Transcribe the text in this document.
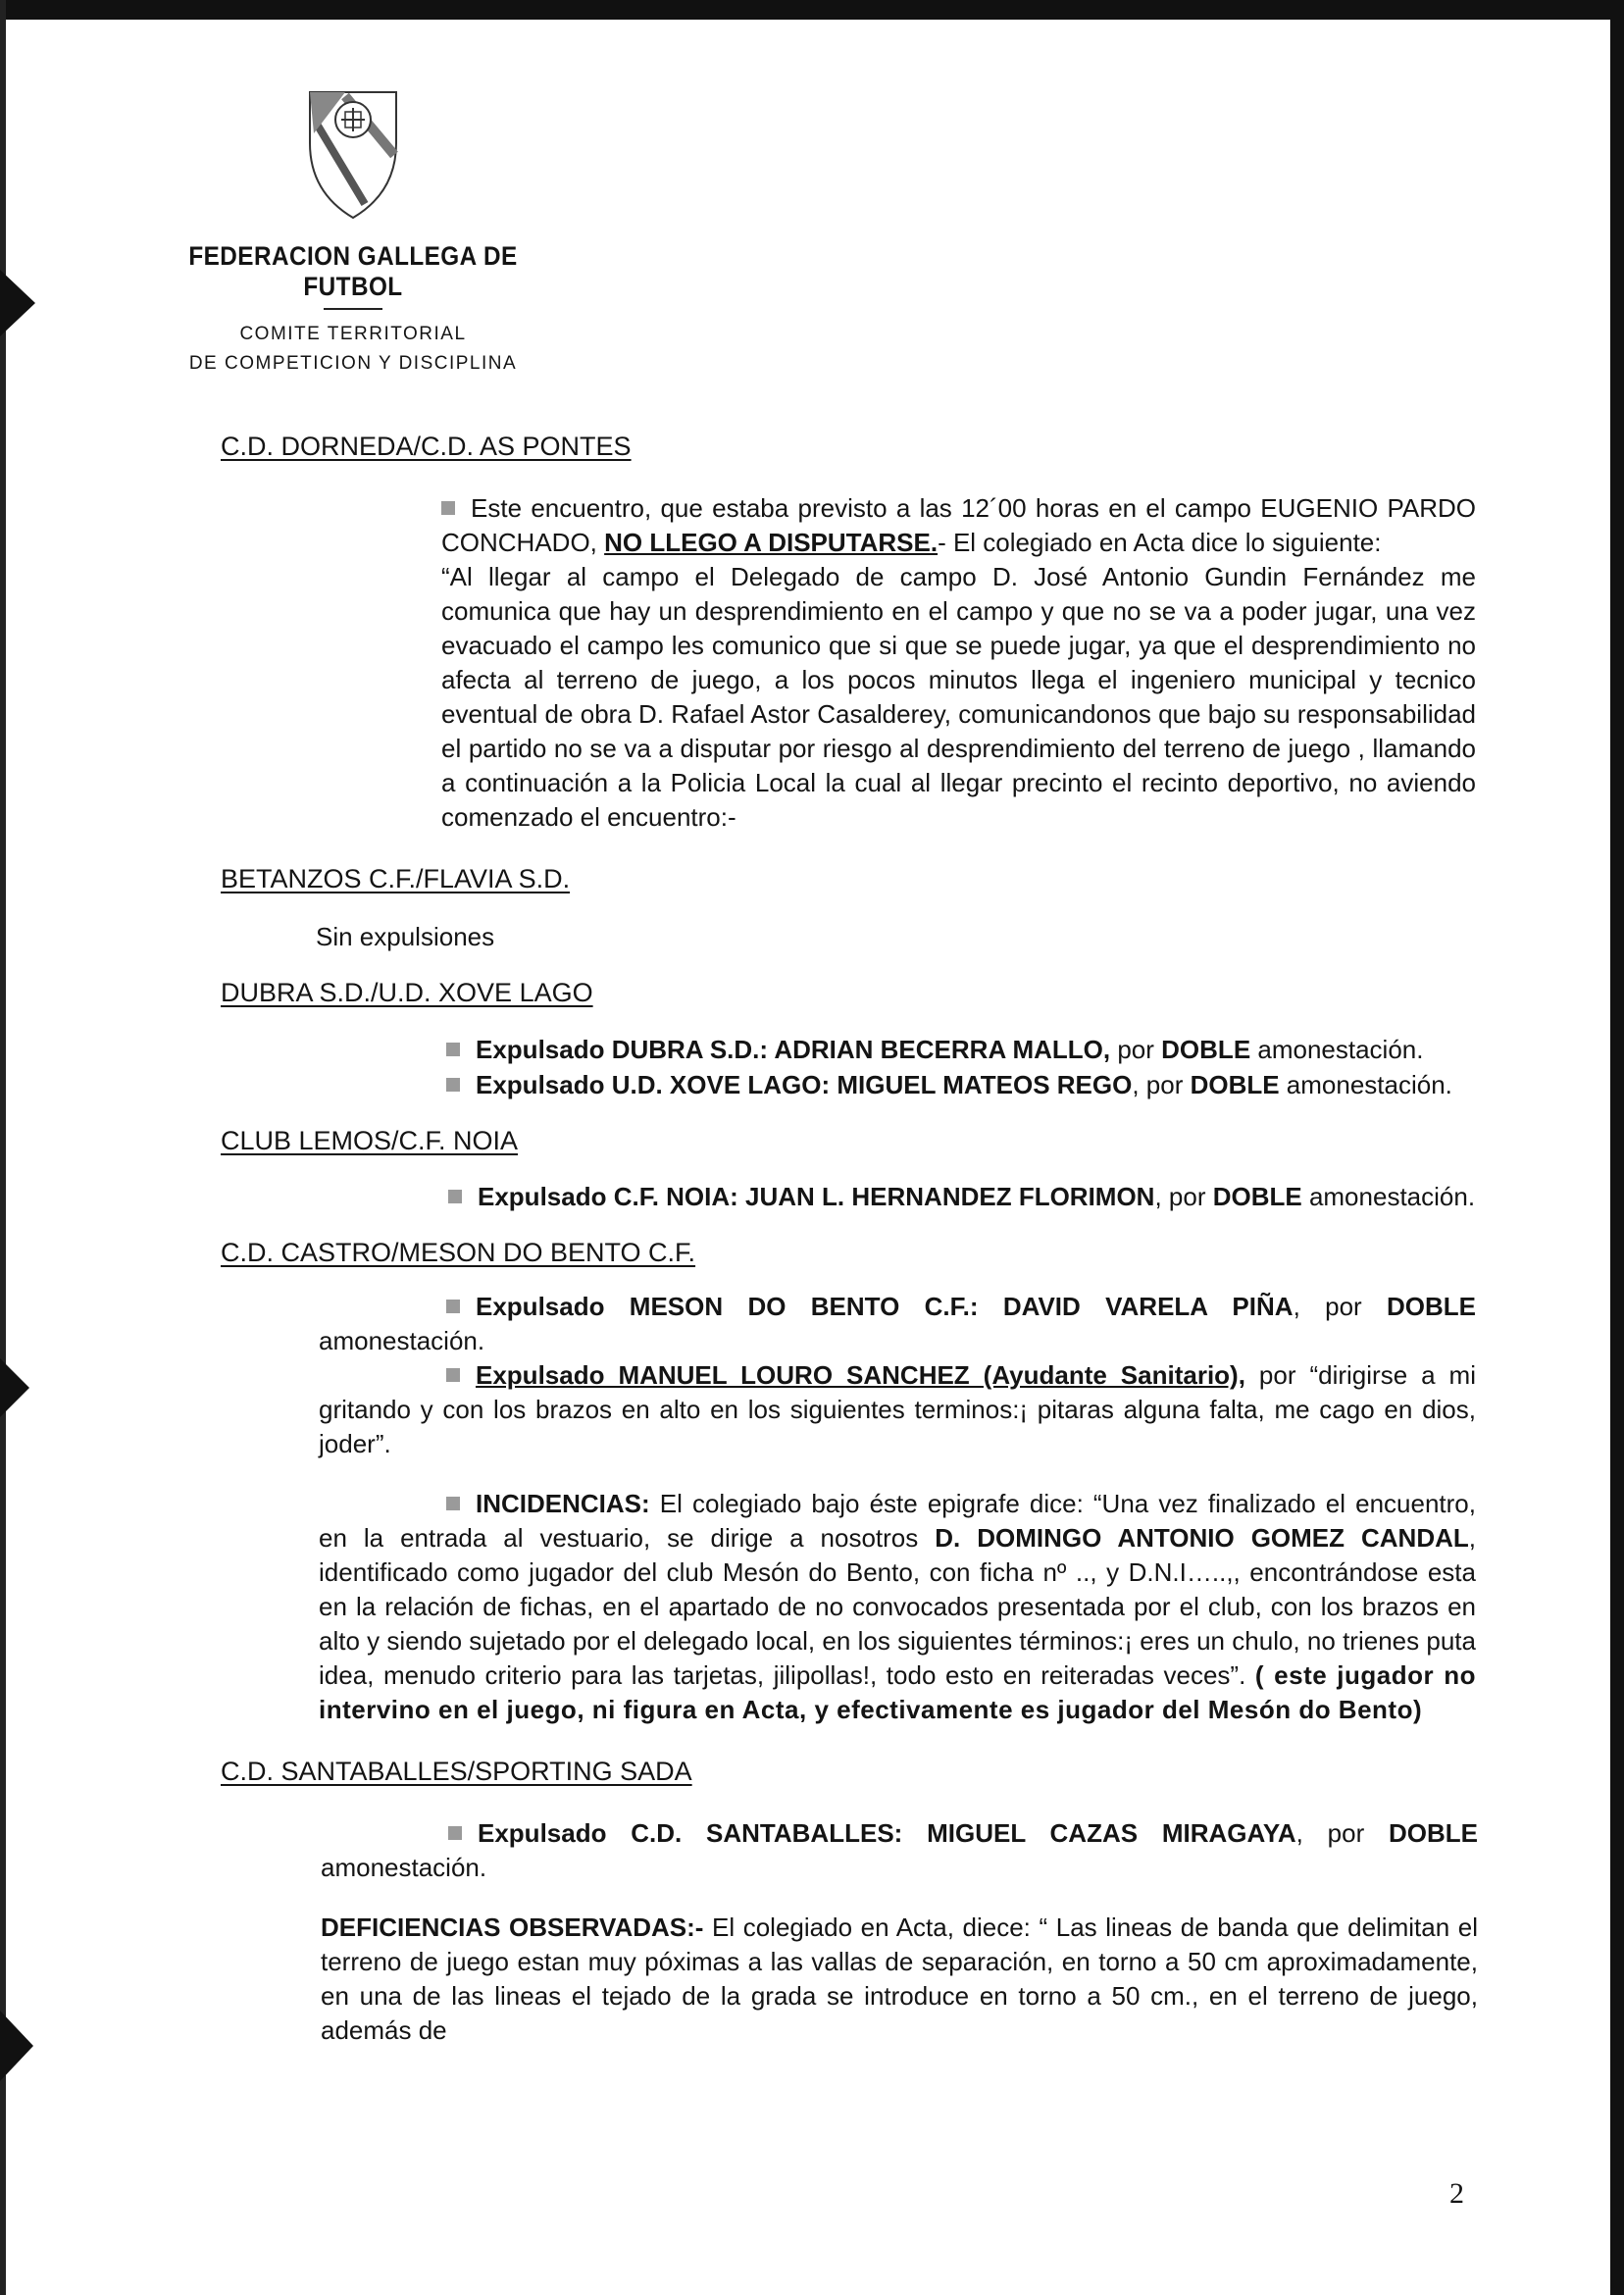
FEDERACION GALLEGA DE FUTBOL
COMITE TERRITORIAL
DE COMPETICION Y DISCIPLINA
C.D. DORNEDA/C.D. AS PONTES
Este encuentro, que estaba previsto a las 12´00 horas en el campo EUGENIO PARDO CONCHADO, NO LLEGO A DISPUTARSE.- El colegiado en Acta dice lo siguiente:
“Al llegar al campo el Delegado de campo D. José Antonio Gundin Fernández me comunica que hay un desprendimiento en el campo y que no se va a poder jugar, una vez evacuado el campo les comunico que si que se puede jugar, ya que el desprendimiento no afecta al terreno de juego, a los pocos minutos llega el ingeniero municipal y tecnico eventual de obra D. Rafael Astor Casalderey, comunicandonos que bajo su responsabilidad el partido no se va a disputar por riesgo al desprendimiento del terreno de juego , llamando a continuación a la Policia Local la cual al llegar precinto el recinto deportivo, no aviendo comenzado el encuentro:-
BETANZOS C.F./FLAVIA S.D.
Sin expulsiones
DUBRA S.D./U.D. XOVE LAGO
Expulsado DUBRA S.D.: ADRIAN BECERRA MALLO, por DOBLE amonestación.
Expulsado U.D. XOVE LAGO: MIGUEL MATEOS REGO, por DOBLE amonestación.
CLUB LEMOS/C.F. NOIA
Expulsado C.F. NOIA: JUAN L. HERNANDEZ FLORIMON, por DOBLE amonestación.
C.D. CASTRO/MESON DO BENTO C.F.
Expulsado MESON DO BENTO C.F.: DAVID VARELA PIÑA, por DOBLE amonestación.
Expulsado MANUEL LOURO SANCHEZ (Ayudante Sanitario), por “dirigirse a mi gritando y con los brazos en alto en los siguientes terminos:¡ pitaras alguna falta, me cago en dios, joder”.
INCIDENCIAS: El colegiado bajo éste epigrafe dice: “Una vez finalizado el encuentro, en la entrada al vestuario, se dirige a nosotros D. DOMINGO ANTONIO GOMEZ CANDAL, identificado como jugador del club Mesón do Bento, con ficha nº .., y D.N.I…..,, encontrándose esta en la relación de fichas, en el apartado de no convocados presentada por el club, con los brazos en alto y siendo sujetado por el delegado local, en los siguientes términos:¡ eres un chulo, no trienes puta idea, menudo criterio para las tarjetas, jilipollas!, todo esto en reiteradas veces”. ( este jugador no intervino en el juego, ni figura en Acta, y efectivamente es jugador del Mesón do Bento)
C.D. SANTABALLES/SPORTING SADA
Expulsado C.D. SANTABALLES: MIGUEL CAZAS MIRAGAYA, por DOBLE amonestación.
DEFICIENCIAS OBSERVADAS:- El colegiado en Acta, diece: “ Las lineas de banda que delimitan el terreno de juego estan muy póximas a las vallas de separación, en torno a 50 cm aproximadamente, en una de las lineas el tejado de la grada se introduce en torno a 50 cm., en el terreno de juego, además de
2
